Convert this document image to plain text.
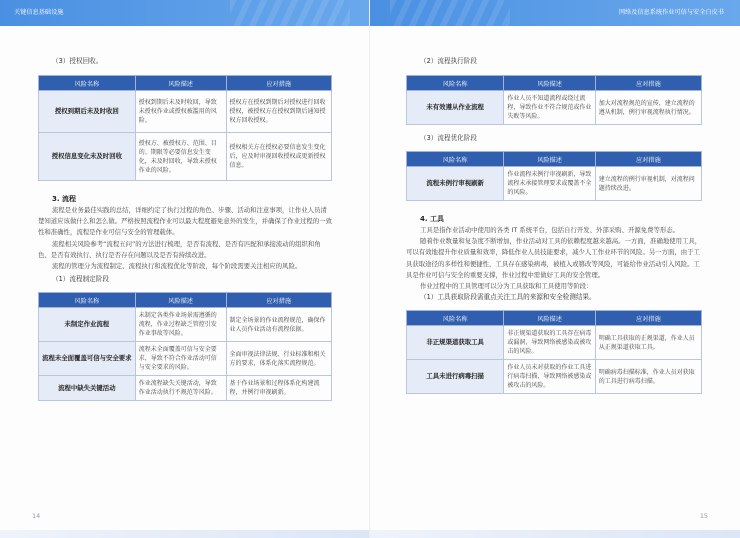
关键信息基础设施

（3）授权回收。

风险名称	风险描述	应对措施
授权到期后未及时收回	授权到期后未及时收回，导致未授权作业或授权被滥用的风险。	授权方在授权到期后对授权进行回收授权，被授权方在授权到期后通知授权方回收授权。
授权信息变化未及时回收	授权方、被授权方、范围、目的、期限等必要信息发生变化，未及时回收，导致未授权作业的风险。	授权相关方在授权必要信息发生变化后，应及时审视回收授权或更新授权信息。

3. 流程

流程是业务最佳实践的总结，详细约定了执行过程的角色、步骤、活动和注意事项，让作业人员清楚知道应该做什么和怎么做。严格按照流程作业可以最大程度避免意外的发生，并确保了作业过程的一致性和准确性，流程是作业可信与安全的管理载体。

流程相关风险参考“流程五问”的方法进行梳理，是否有流程、是否有匹配和承接流动的组织和角色、是否有效执行、执行是否存在问题以及是否有持续改进。

流程的管理分为流程制定、流程执行和流程优化等阶段，每个阶段需要关注相应的风险。

（1）流程制定阶段

风险名称	风险描述	应对措施
未制定作业流程	未制定各类作业场景需遵循的流程，作业过程缺乏管控引发作业事故等风险。	制定全场景的作业流程规范，确保作业人员作业活动有流程依据。
流程未全面覆盖可信与安全要求	流程未全面覆盖可信与安全要求，导致不符合作业活动可信与安全要求的风险。	全面审视法律法规、行业标准和相关方的要求，体系化落实流程规范。
流程中缺失关键活动	作业流程缺失关键活动，导致作业活动执行不规范等风险。	基于作业场景和过程体系化构建流程，并例行审视刷新。
14
网络及信息系统作业可信与安全白皮书

（2）流程执行阶段

风险名称	风险描述	应对措施
未有效遵从作业流程	作业人员不知道流程或绕过流程，导致作业不符合规范或作业失败等风险。	加大对流程规范的宣传，建立流程的遵从机制，例行审视流程执行情况。

（3）流程优化阶段

风险名称	风险描述	应对措施
流程未例行审视刷新	作业流程未例行审视刷新，导致流程未承接管理要求或覆盖不全的风险。	建立流程的例行审视机制，对流程问题持续改进。

4. 工具

工具是指作业活动中使用的各类 IT 系统平台，包括自行开发、外部采购、开源免费等形态。

随着作业数量和复杂度不断增加，作业活动对工具的依赖程度越来越高。一方面，准确地使用工具，可以有效地提升作业质量和效率，降低作业人员技能要求，减少人工作业环节的风险。另一方面，由于工具获取途径的多样性和便捷性，工具存在感染病毒，被植入或篡改等风险，可能给作业活动引入风险。工具是作业可信与安全的重要支撑，作业过程中需做好工具的安全管理。

作业过程中的工具管理可以分为工具获取和工具使用等阶段：

（1）工具获取阶段需重点关注工具的来源和安全检测结果。

风险名称	风险描述	应对措施
非正规渠道获取工具	非正规渠道获取的工具存在病毒或漏洞，导致网络被感染或被攻击的风险。	明确工具获取的正规渠道，作业人员从正规渠道获取工具。
工具未进行病毒扫描	作业人员未对获取的作业工具进行病毒扫描，导致网络被感染或被攻击的风险。	明确病毒扫描标准，作业人员对获取的工具进行病毒扫描。
15
